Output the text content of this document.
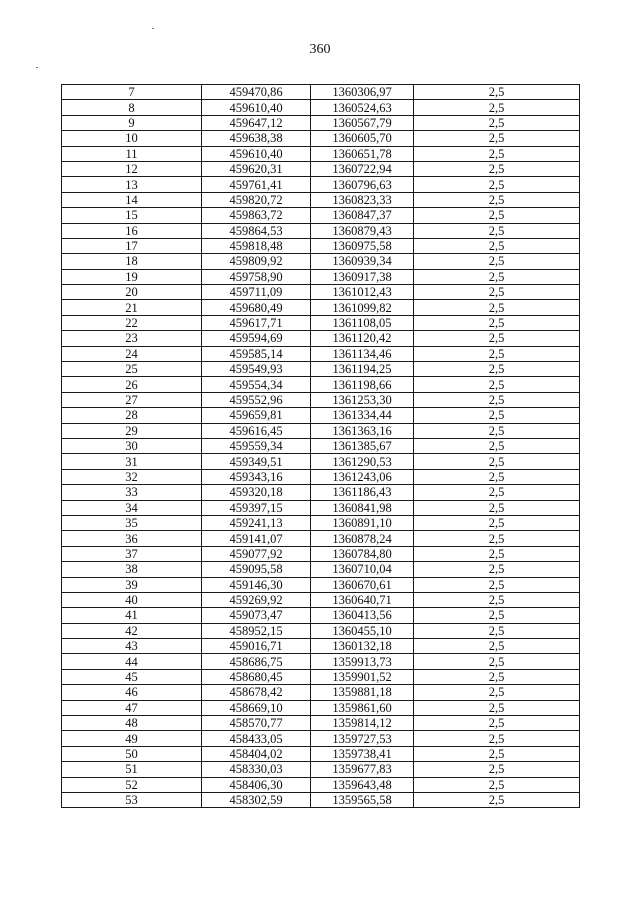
360
7	459470,86	1360306,97	2,5
8	459610,40	1360524,63	2,5
9	459647,12	1360567,79	2,5
10	459638,38	1360605,70	2,5
11	459610,40	1360651,78	2,5
12	459620,31	1360722,94	2,5
13	459761,41	1360796,63	2,5
14	459820,72	1360823,33	2,5
15	459863,72	1360847,37	2,5
16	459864,53	1360879,43	2,5
17	459818,48	1360975,58	2,5
18	459809,92	1360939,34	2,5
19	459758,90	1360917,38	2,5
20	459711,09	1361012,43	2,5
21	459680,49	1361099,82	2,5
22	459617,71	1361108,05	2,5
23	459594,69	1361120,42	2,5
24	459585,14	1361134,46	2,5
25	459549,93	1361194,25	2,5
26	459554,34	1361198,66	2,5
27	459552,96	1361253,30	2,5
28	459659,81	1361334,44	2,5
29	459616,45	1361363,16	2,5
30	459559,34	1361385,67	2,5
31	459349,51	1361290,53	2,5
32	459343,16	1361243,06	2,5
33	459320,18	1361186,43	2,5
34	459397,15	1360841,98	2,5
35	459241,13	1360891,10	2,5
36	459141,07	1360878,24	2,5
37	459077,92	1360784,80	2,5
38	459095,58	1360710,04	2,5
39	459146,30	1360670,61	2,5
40	459269,92	1360640,71	2,5
41	459073,47	1360413,56	2,5
42	458952,15	1360455,10	2,5
43	459016,71	1360132,18	2,5
44	458686,75	1359913,73	2,5
45	458680,45	1359901,52	2,5
46	458678,42	1359881,18	2,5
47	458669,10	1359861,60	2,5
48	458570,77	1359814,12	2,5
49	458433,05	1359727,53	2,5
50	458404,02	1359738,41	2,5
51	458330,03	1359677,83	2,5
52	458406,30	1359643,48	2,5
53	458302,59	1359565,58	2,5
